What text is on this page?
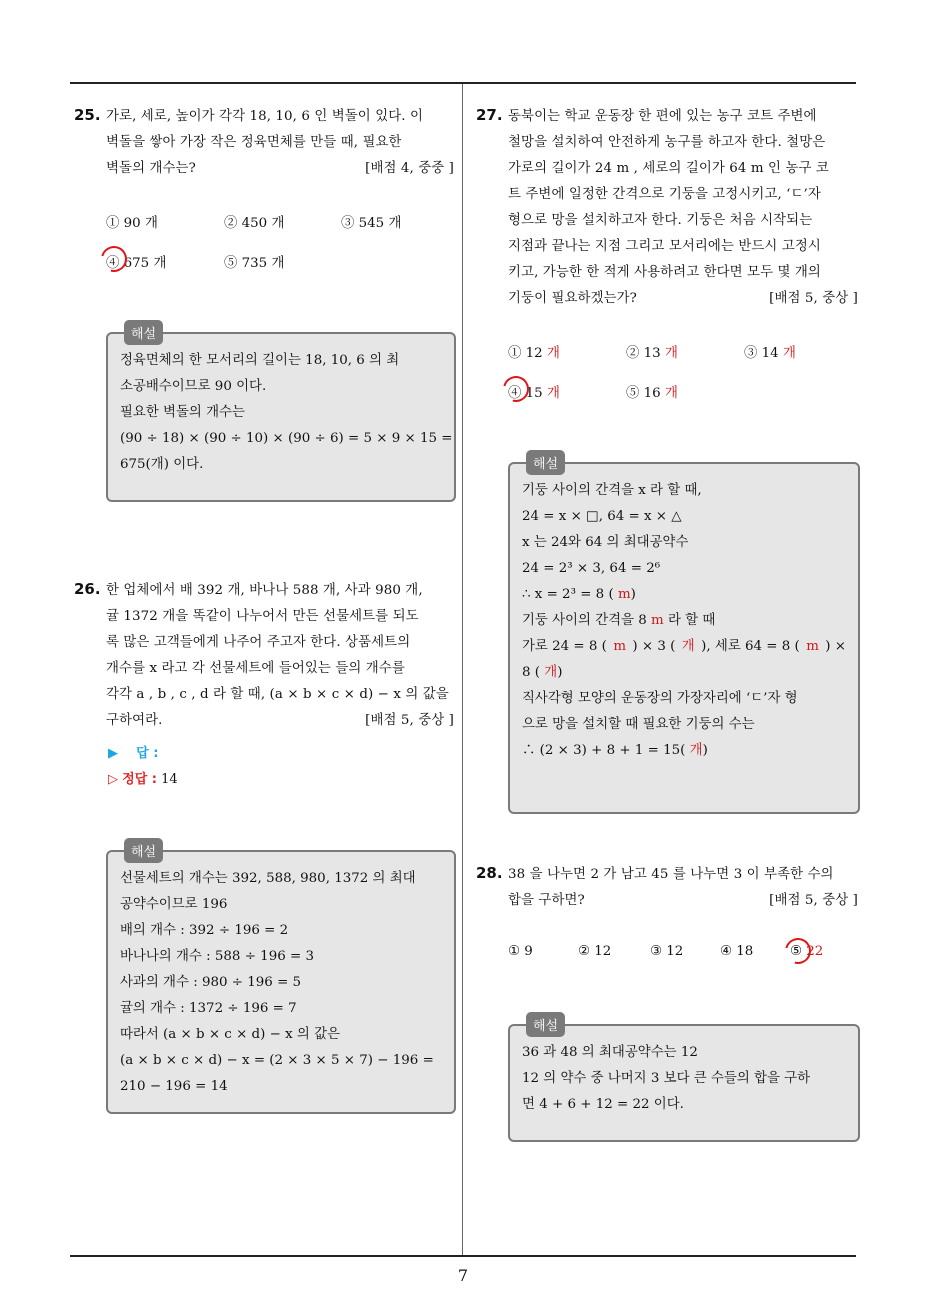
25. 가로, 세로, 높이가 각각 18, 10, 6 인 벽돌이 있다. 이
벽돌을 쌓아 가장 작은 정육면체를 만들 때, 필요한
벽돌의 개수는?	[배점 4, 중중 ]
① 90 개	② 450 개	③ 545 개
④ 675 개	⑤ 735 개
해설
정육면체의 한 모서리의 길이는 18, 10, 6 의 최
소공배수이므로 90 이다.
필요한 벽돌의 개수는
(90 ÷ 18) × (90 ÷ 10) × (90 ÷ 6) = 5 × 9 × 15 =
675(개) 이다.
26. 한 업체에서 배 392 개, 바나나 588 개, 사과 980 개,
귤 1372 개을 똑같이 나누어서 만든 선물세트를 되도
록 많은 고객들에게 나주어 주고자 한다. 상품세트의
개수를 x 라고 각 선물세트에 들어있는 들의 개수를
각각 a , b , c , d 라 할 때, (a × b × c × d) − x 의 값을
구하여라.	[배점 5, 중상 ]
▶ 답 :
▷ 정답 : 14
해설
선물세트의 개수는 392, 588, 980, 1372 의 최대
공약수이므로 196
배의 개수 : 392 ÷ 196 = 2
바나나의 개수 : 588 ÷ 196 = 3
사과의 개수 : 980 ÷ 196 = 5
귤의 개수 : 1372 ÷ 196 = 7
따라서 (a × b × c × d) − x 의 값은
(a × b × c × d) − x = (2 × 3 × 5 × 7) − 196 =
210 − 196 = 14
27. 동북이는 학교 운동장 한 편에 있는 농구 코트 주변에
철망을 설치하여 안전하게 농구를 하고자 한다. 철망은
가로의 길이가 24 m , 세로의 길이가 64 m 인 농구 코
트 주변에 일정한 간격으로 기둥을 고정시키고, ‘ㄷ’자
형으로 망을 설치하고자 한다. 기둥은 처음 시작되는
지점과 끝나는 지점 그리고 모서리에는 반드시 고정시
키고, 가능한 한 적게 사용하려고 한다면 모두 몇 개의
기둥이 필요하겠는가?	[배점 5, 중상 ]
① 12 개	② 13 개	③ 14 개
④ 15 개	⑤ 16 개
해설
기둥 사이의 간격을 x 라 할 때,
24 = x × □, 64 = x × △
x 는 24와 64 의 최대공약수
24 = 2³ × 3, 64 = 2⁶
∴ x = 2³ = 8 ( m)
기둥 사이의 간격을 8 m 라 할 때
가로 24 = 8 ( m ) × 3 ( 개 ), 세로 64 = 8 ( m ) ×
8 ( 개)
직사각형 모양의 운동장의 가장자리에 ‘ㄷ’자 형
으로 망을 설치할 때 필요한 기둥의 수는
∴ (2 × 3) + 8 + 1 = 15( 개)
28. 38 을 나누면 2 가 남고 45 를 나누면 3 이 부족한 수의
합을 구하면?	[배점 5, 중상 ]
① 9	② 12	③ 12	④ 18	⑤ 22
해설
36 과 48 의 최대공약수는 12
12 의 약수 중 나머지 3 보다 큰 수들의 합을 구하
면 4 + 6 + 12 = 22 이다.
7
